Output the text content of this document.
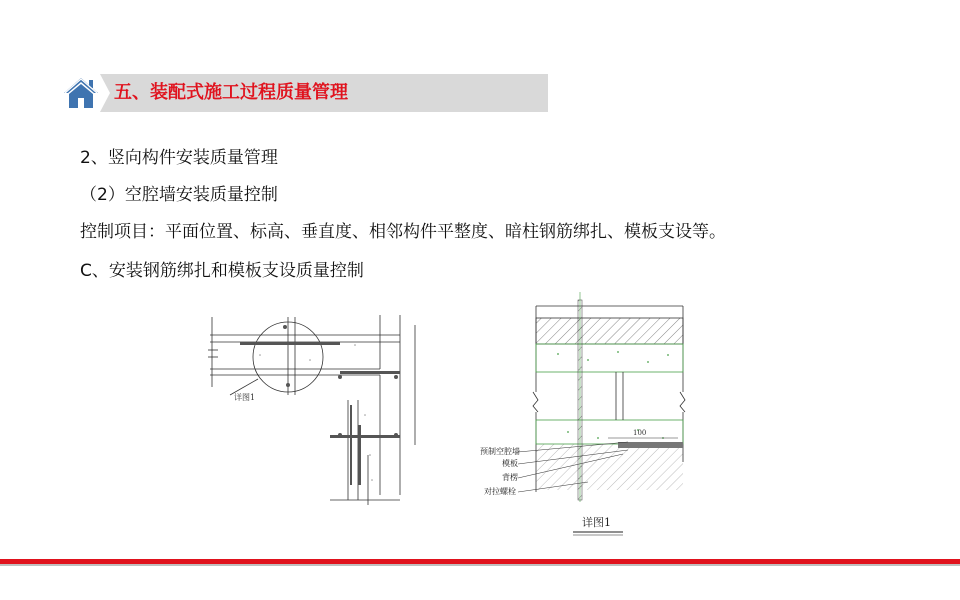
五、装配式施工过程质量管理
2、竖向构件安装质量管理
（2）空腔墙安装质量控制
控制项目：平面位置、标高、垂直度、相邻构件平整度、暗柱钢筋绑扎、模板支设等。
C、安装钢筋绑扎和模板支设质量控制
详图1
100
预制空腔墙
模板
背楞
对拉螺栓
详图1
